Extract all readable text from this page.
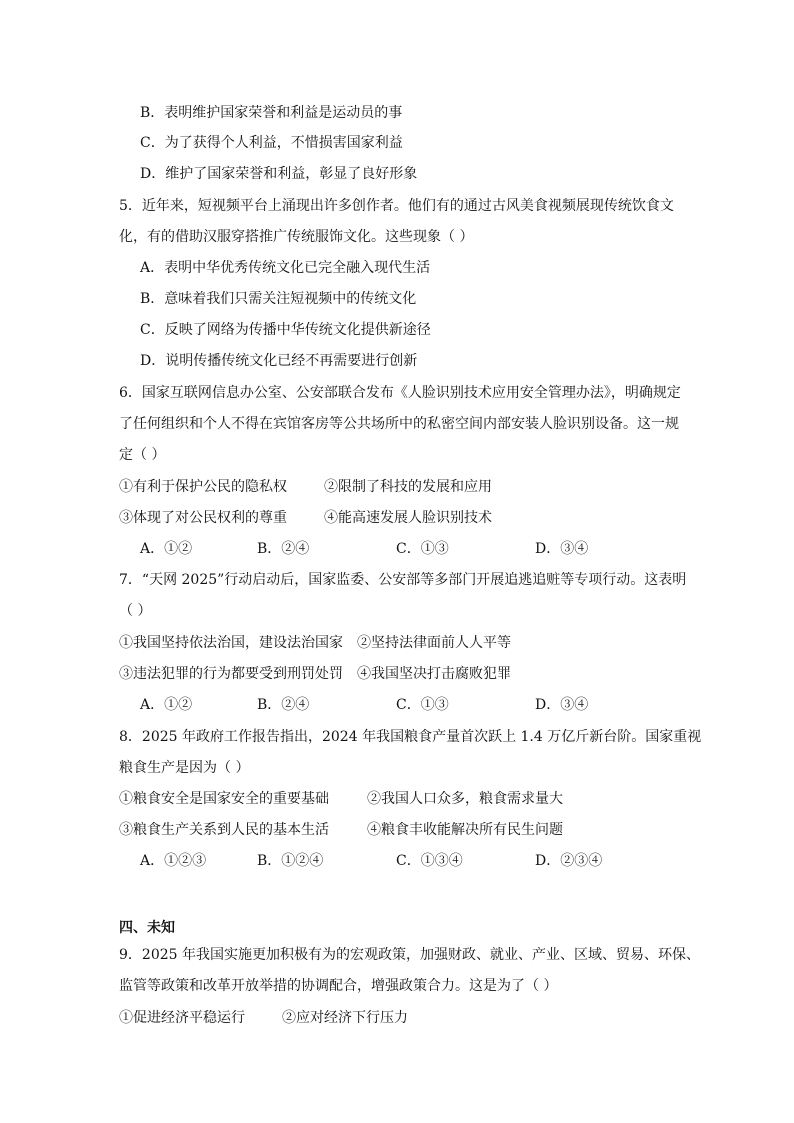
B．表明维护国家荣誉和利益是运动员的事
C．为了获得个人利益，不惜损害国家利益
D．维护了国家荣誉和利益，彰显了良好形象
5．近年来，短视频平台上涌现出许多创作者。他们有的通过古风美食视频展现传统饮食文
化，有的借助汉服穿搭推广传统服饰文化。这些现象（ ）
A．表明中华优秀传统文化已完全融入现代生活
B．意味着我们只需关注短视频中的传统文化
C．反映了网络为传播中华传统文化提供新途径
D．说明传播传统文化已经不再需要进行创新
6．国家互联网信息办公室、公安部联合发布《人脸识别技术应用安全管理办法》，明确规定
了任何组织和个人不得在宾馆客房等公共场所中的私密空间内部安装人脸识别设备。这一规
定（ ）
①有利于保护公民的隐私权	②限制了科技的发展和应用
③体现了对公民权利的尊重	④能高速发展人脸识别技术
A．①②	B．②④	C．①③	D．③④
7．“天网 2025”行动启动后，国家监委、公安部等多部门开展追逃追赃等专项行动。这表明
（ ）
①我国坚持依法治国，建设法治国家 ②坚持法律面前人人平等
③违法犯罪的行为都要受到刑罚处罚 ④我国坚决打击腐败犯罪
A．①②	B．②④	C．①③	D．③④
8．2025 年政府工作报告指出，2024 年我国粮食产量首次跃上 1.4 万亿斤新台阶。国家重视
粮食生产是因为（ ）
①粮食安全是国家安全的重要基础	②我国人口众多，粮食需求量大
③粮食生产关系到人民的基本生活	④粮食丰收能解决所有民生问题
A．①②③	B．①②④	C．①③④	D．②③④
四、未知
9．2025 年我国实施更加积极有为的宏观政策，加强财政、就业、产业、区域、贸易、环保、
监管等政策和改革开放举措的协调配合，增强政策合力。这是为了（ ）
①促进经济平稳运行	②应对经济下行压力
